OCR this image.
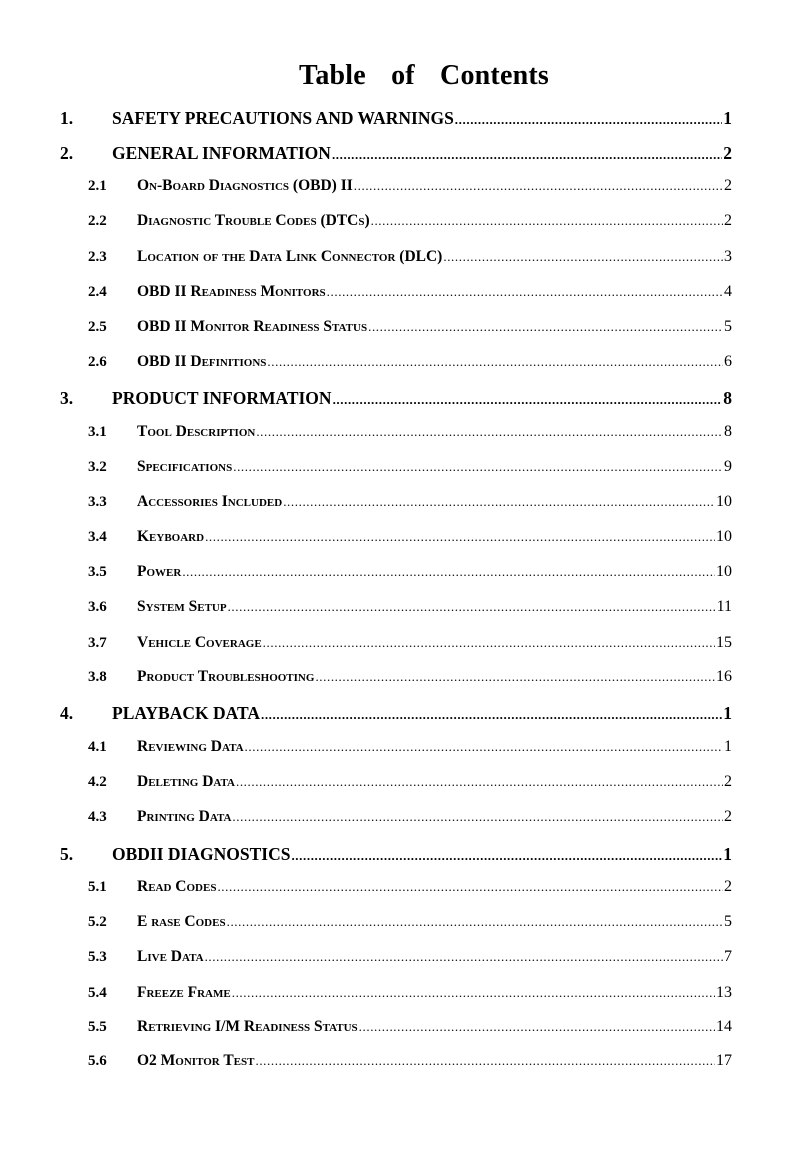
Table of Contents
1.	SAFETY PRECAUTIONS AND WARNINGS .....	1
2.	GENERAL INFORMATION .....	2
2.1	On-Board Diagnostics (OBD) II .....	2
2.2	Diagnostic Trouble Codes (DTCs) .....	2
2.3	Location of the Data Link Connector (DLC) .....	3
2.4	OBD II Readiness Monitors .....	4
2.5	OBD II Monitor Readiness Status .....	5
2.6	OBD II Definitions .....	6
3.	PRODUCT INFORMATION .....	8
3.1	Tool Description .....	8
3.2	Specifications .....	9
3.3	Accessories Included .....	10
3.4	Keyboard .....	10
3.5	Power .....	10
3.6	System Setup .....	11
3.7	Vehicle Coverage .....	15
3.8	Product Troubleshooting .....	16
4.	PLAYBACK DATA .....	1
4.1	Reviewing Data .....	1
4.2	Deleting Data .....	2
4.3	Printing Data .....	2
5.	OBDII DIAGNOSTICS .....	1
5.1	Read Codes .....	2
5.2	E rase Codes .....	5
5.3	Live Data .....	7
5.4	Freeze Frame .....	13
5.5	Retrieving I/M Readiness Status .....	14
5.6	O2 Monitor Test .....	17
